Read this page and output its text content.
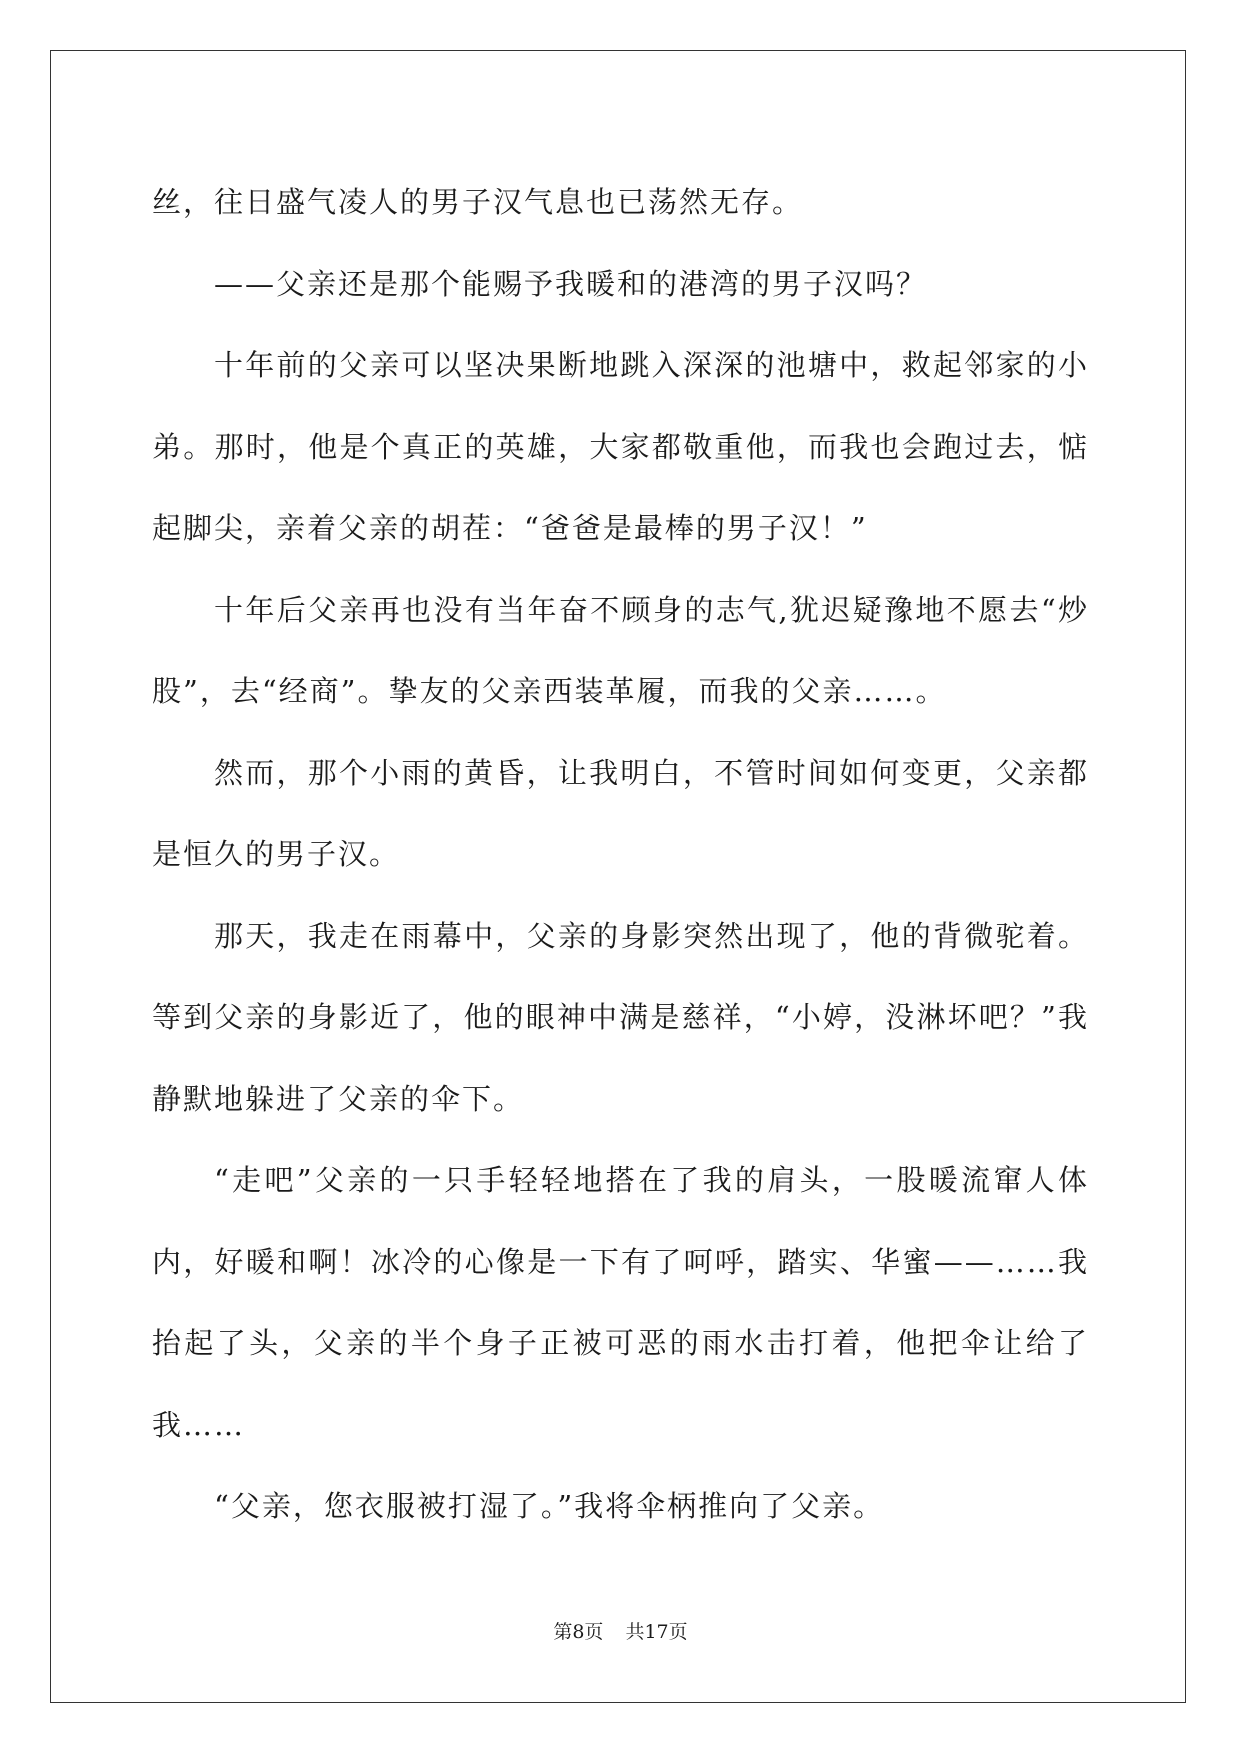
丝，往日盛气凌人的男子汉气息也已荡然无存。

——父亲还是那个能赐予我暖和的港湾的男子汉吗？

十年前的父亲可以坚决果断地跳入深深的池塘中，救起邻家的小弟。那时，他是个真正的英雄，大家都敬重他，而我也会跑过去，惦起脚尖，亲着父亲的胡茬：“爸爸是最棒的男子汉！”

十年后父亲再也没有当年奋不顾身的志气,犹迟疑豫地不愿去“炒股”，去“经商”。挚友的父亲西装革履，而我的父亲……。

然而，那个小雨的黄昏，让我明白，不管时间如何变更，父亲都是恒久的男子汉。

那天，我走在雨幕中，父亲的身影突然出现了，他的背微驼着。等到父亲的身影近了，他的眼神中满是慈祥，“小婷，没淋坏吧？”我静默地躲进了父亲的伞下。

“走吧”父亲的一只手轻轻地搭在了我的肩头，一股暖流窜人体内，好暖和啊！冰冷的心像是一下有了呵呼，踏实、华蜜——……我抬起了头，父亲的半个身子正被可恶的雨水击打着，他把伞让给了我……

“父亲，您衣服被打湿了。”我将伞柄推向了父亲。

第8页 共17页
